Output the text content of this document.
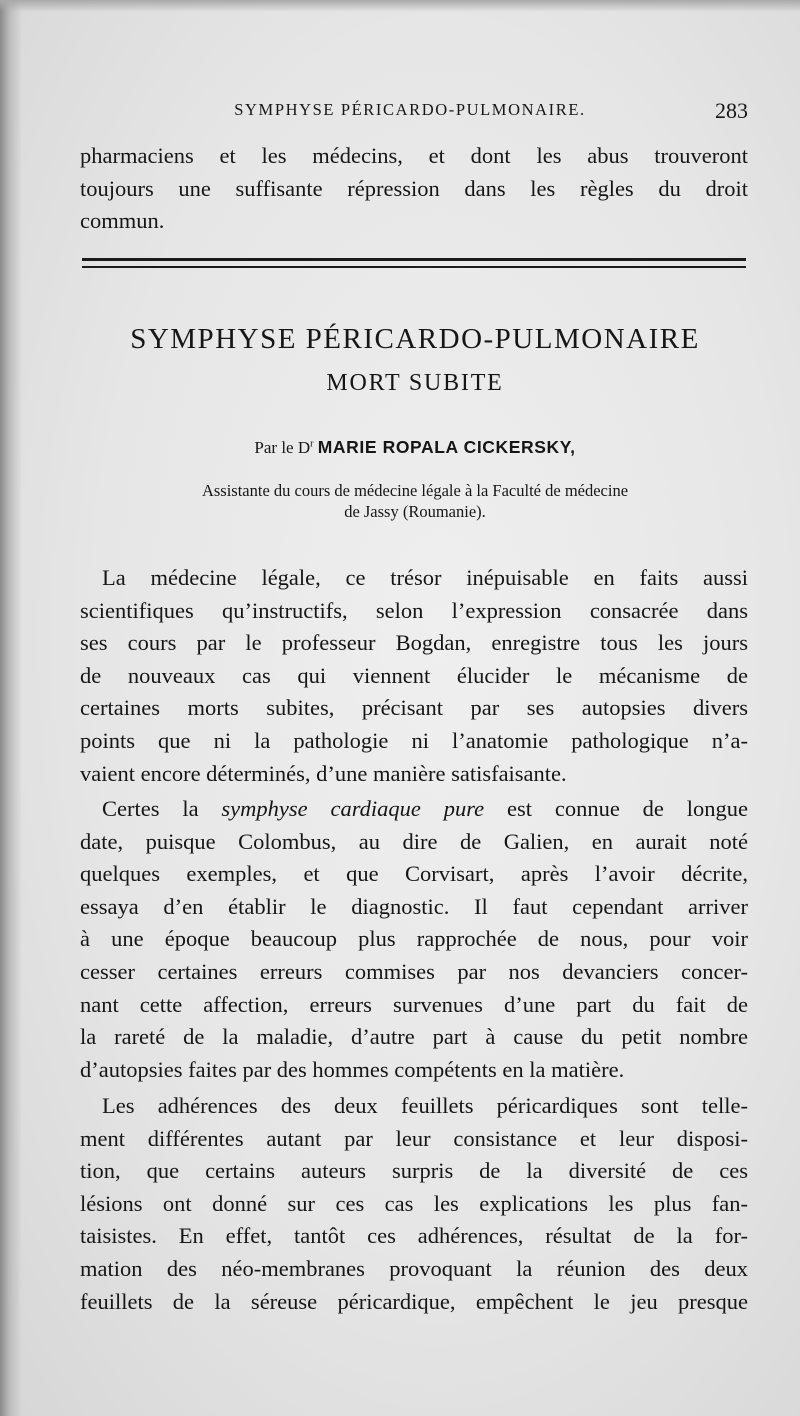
SYMPHYSE PÉRICARDO-PULMONAIRE.	283
pharmaciens et les médecins, et dont les abus trouveront
toujours une suffisante répression dans les règles du droit
commun.
SYMPHYSE PÉRICARDO-PULMONAIRE
MORT SUBITE
Par le $D^r$ MARIE ROPALA CICKERSKY,
Assistante du cours de médecine légale à la Faculté de médecine
de Jassy (Roumanie).
La médecine légale, ce trésor inépuisable en faits aussi
scientifiques qu’instructifs, selon l’expression consacrée dans
ses cours par le professeur Bogdan, enregistre tous les jours
de nouveaux cas qui viennent élucider le mécanisme de
certaines morts subites, précisant par ses autopsies divers
points que ni la pathologie ni l’anatomie pathologique n’a-
vaient encore déterminés, d’une manière satisfaisante.
Certes la symphyse cardiaque pure est connue de longue
date, puisque Colombus, au dire de Galien, en aurait noté
quelques exemples, et que Corvisart, après l’avoir décrite,
essaya d’en établir le diagnostic. Il faut cependant arriver
à une époque beaucoup plus rapprochée de nous, pour voir
cesser certaines erreurs commises par nos devanciers concer-
nant cette affection, erreurs survenues d’une part du fait de
la rareté de la maladie, d’autre part à cause du petit nombre
d’autopsies faites par des hommes compétents en la matière.
Les adhérences des deux feuillets péricardiques sont telle-
ment différentes autant par leur consistance et leur disposi-
tion, que certains auteurs surpris de la diversité de ces
lésions ont donné sur ces cas les explications les plus fan-
taisistes. En effet, tantôt ces adhérences, résultat de la for-
mation des néo-membranes provoquant la réunion des deux
feuillets de la séreuse péricardique, empêchent le jeu presque
